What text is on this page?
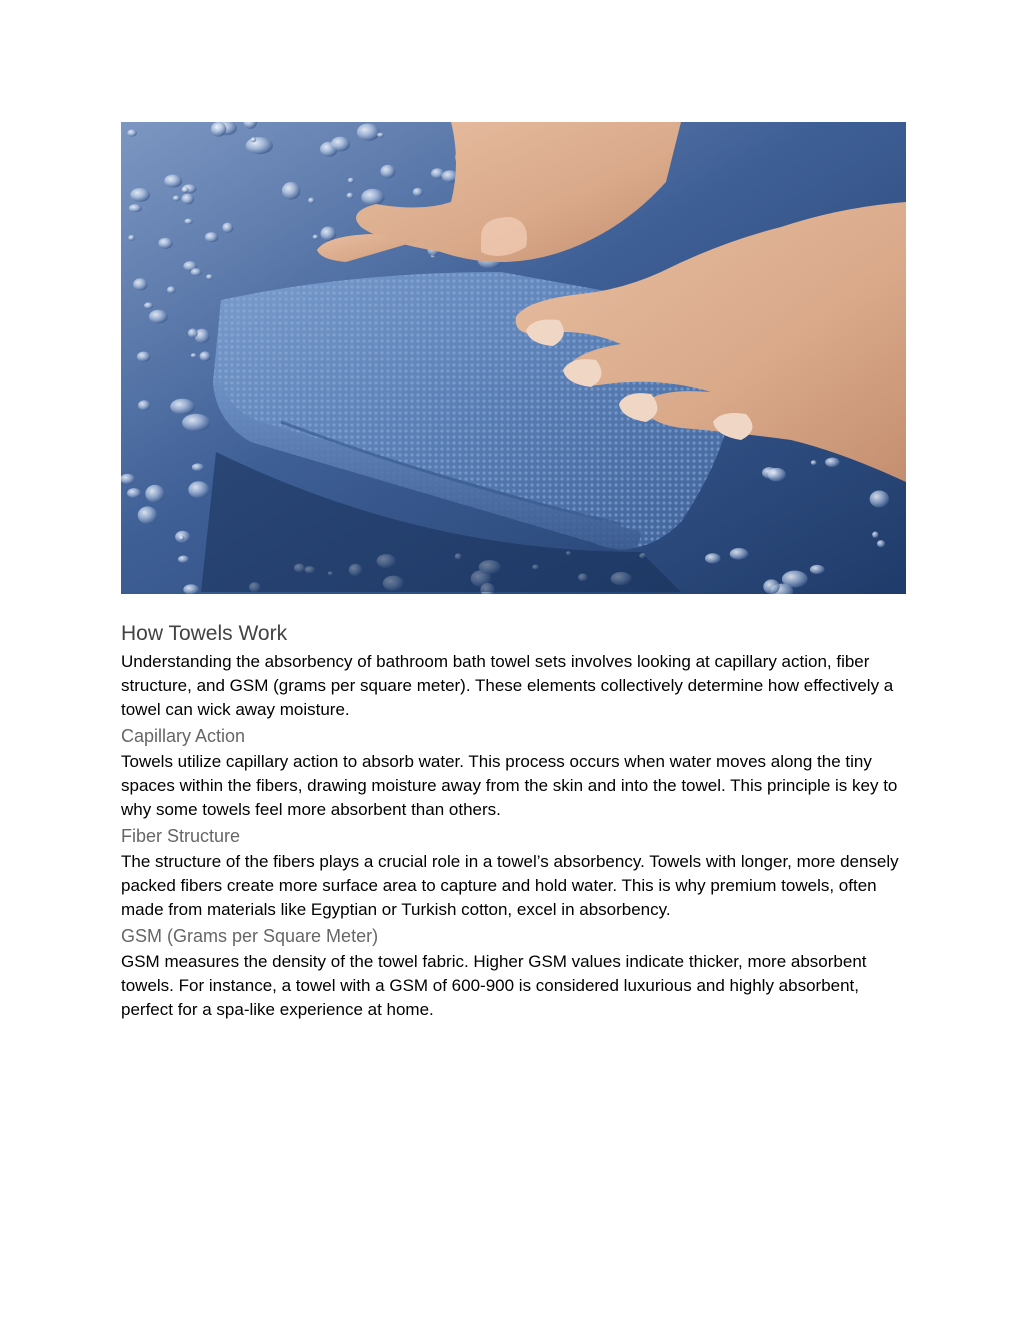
How Towels Work

Understanding the absorbency of bathroom bath towel sets involves looking at capillary action, fiber structure, and GSM (grams per square meter). These elements collectively determine how effectively a towel can wick away moisture.

Capillary Action

Towels utilize capillary action to absorb water. This process occurs when water moves along the tiny spaces within the fibers, drawing moisture away from the skin and into the towel. This principle is key to why some towels feel more absorbent than others.

Fiber Structure

The structure of the fibers plays a crucial role in a towel’s absorbency. Towels with longer, more densely packed fibers create more surface area to capture and hold water. This is why premium towels, often made from materials like Egyptian or Turkish cotton, excel in absorbency.

GSM (Grams per Square Meter)

GSM measures the density of the towel fabric. Higher GSM values indicate thicker, more absorbent towels. For instance, a towel with a GSM of 600-900 is considered luxurious and highly absorbent, perfect for a spa-like experience at home.
